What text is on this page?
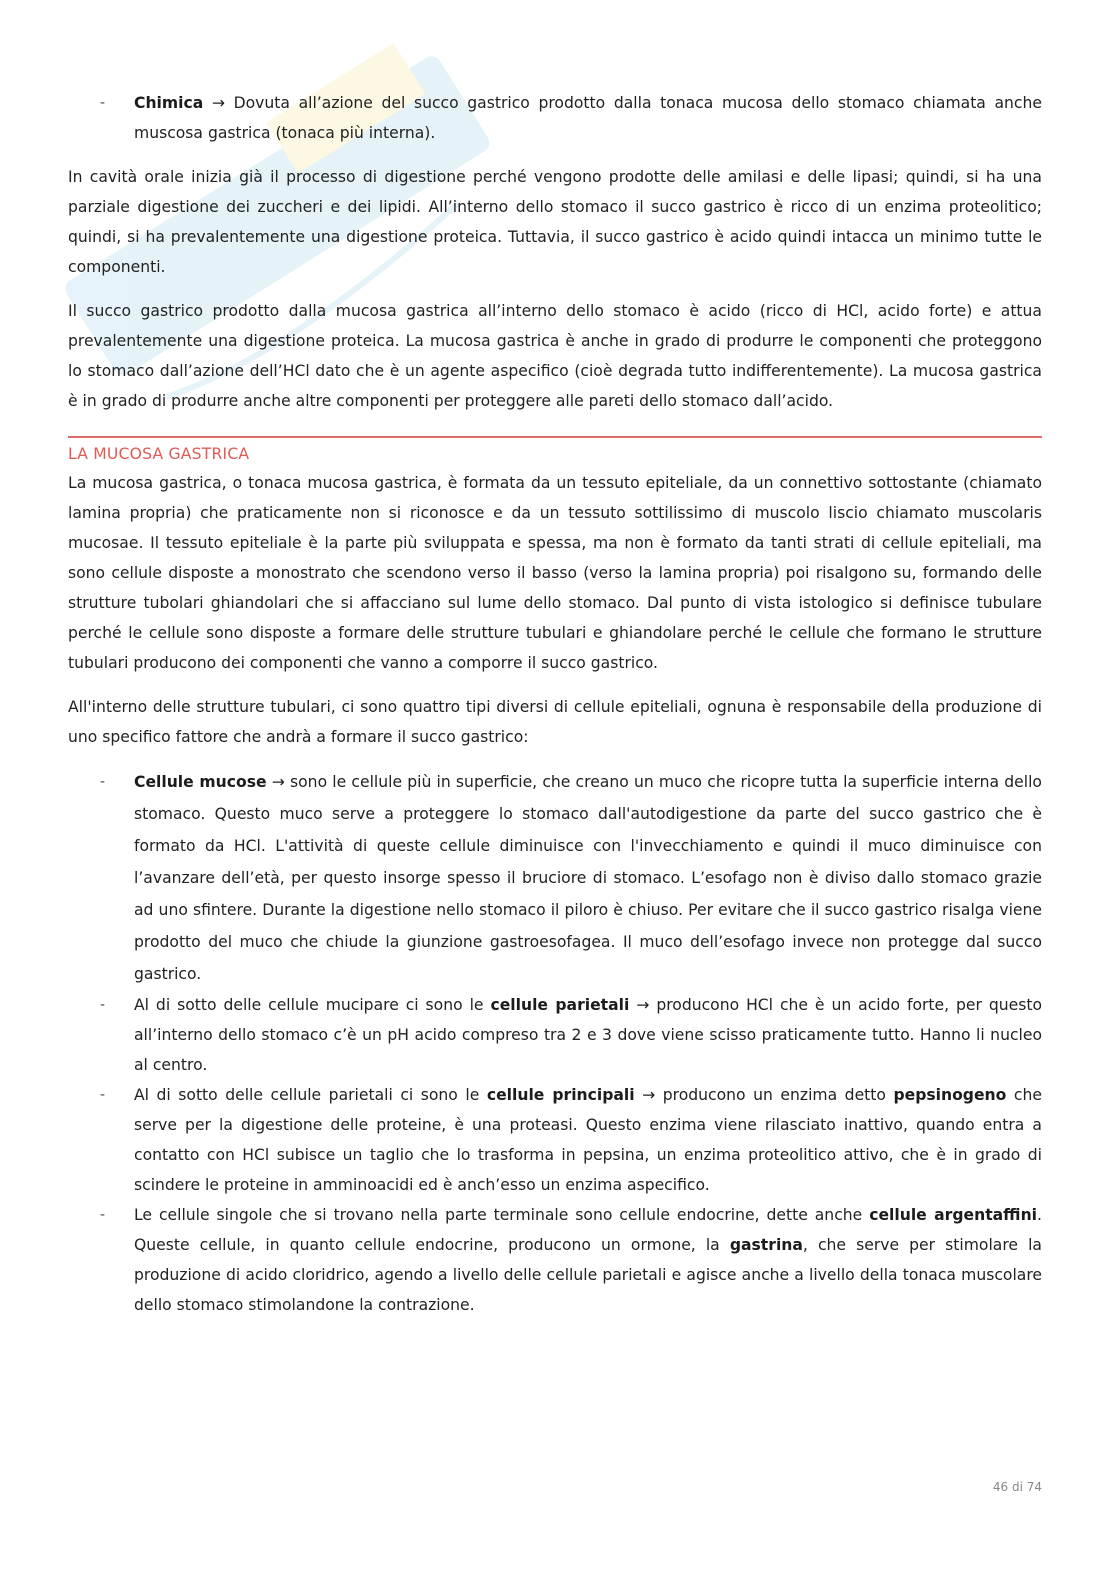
- Chimica → Dovuta all’azione del succo gastrico prodotto dalla tonaca mucosa dello stomaco chiamata anche muscosa gastrica (tonaca più interna).

In cavità orale inizia già il processo di digestione perché vengono prodotte delle amilasi e delle lipasi; quindi, si ha una parziale digestione dei zuccheri e dei lipidi. All’interno dello stomaco il succo gastrico è ricco di un enzima proteolitico; quindi, si ha prevalentemente una digestione proteica. Tuttavia, il succo gastrico è acido quindi intacca un minimo tutte le componenti.

Il succo gastrico prodotto dalla mucosa gastrica all’interno dello stomaco è acido (ricco di HCl, acido forte) e attua prevalentemente una digestione proteica. La mucosa gastrica è anche in grado di produrre le componenti che proteggono lo stomaco dall’azione dell’HCl dato che è un agente aspecifico (cioè degrada tutto indifferentemente). La mucosa gastrica è in grado di produrre anche altre componenti per proteggere alle pareti dello stomaco dall’acido.

LA MUCOSA GASTRICA

La mucosa gastrica, o tonaca mucosa gastrica, è formata da un tessuto epiteliale, da un connettivo sottostante (chiamato lamina propria) che praticamente non si riconosce e da un tessuto sottilissimo di muscolo liscio chiamato muscolaris mucosae. Il tessuto epiteliale è la parte più sviluppata e spessa, ma non è formato da tanti strati di cellule epiteliali, ma sono cellule disposte a monostrato che scendono verso il basso (verso la lamina propria) poi risalgono su, formando delle strutture tubolari ghiandolari che si affacciano sul lume dello stomaco. Dal punto di vista istologico si definisce tubulare perché le cellule sono disposte a formare delle strutture tubulari e ghiandolare perché le cellule che formano le strutture tubulari producono dei componenti che vanno a comporre il succo gastrico.

All'interno delle strutture tubulari, ci sono quattro tipi diversi di cellule epiteliali, ognuna è responsabile della produzione di uno specifico fattore che andrà a formare il succo gastrico:

- Cellule mucose → sono le cellule più in superficie, che creano un muco che ricopre tutta la superficie interna dello stomaco. Questo muco serve a proteggere lo stomaco dall'autodigestione da parte del succo gastrico che è formato da HCl. L'attività di queste cellule diminuisce con l'invecchiamento e quindi il muco diminuisce con l’avanzare dell’età, per questo insorge spesso il bruciore di stomaco. L’esofago non è diviso dallo stomaco grazie ad uno sfintere. Durante la digestione nello stomaco il piloro è chiuso. Per evitare che il succo gastrico risalga viene prodotto del muco che chiude la giunzione gastroesofagea. Il muco dell’esofago invece non protegge dal succo gastrico.
- Al di sotto delle cellule mucipare ci sono le cellule parietali → producono HCl che è un acido forte, per questo all’interno dello stomaco c’è un pH acido compreso tra 2 e 3 dove viene scisso praticamente tutto. Hanno li nucleo al centro.
- Al di sotto delle cellule parietali ci sono le cellule principali → producono un enzima detto pepsinogeno che serve per la digestione delle proteine, è una proteasi. Questo enzima viene rilasciato inattivo, quando entra a contatto con HCl subisce un taglio che lo trasforma in pepsina, un enzima proteolitico attivo, che è in grado di scindere le proteine in amminoacidi ed è anch’esso un enzima aspecifico.
- Le cellule singole che si trovano nella parte terminale sono cellule endocrine, dette anche cellule argentaffini. Queste cellule, in quanto cellule endocrine, producono un ormone, la gastrina, che serve per stimolare la produzione di acido cloridrico, agendo a livello delle cellule parietali e agisce anche a livello della tonaca muscolare dello stomaco stimolandone la contrazione.
46 di 74
